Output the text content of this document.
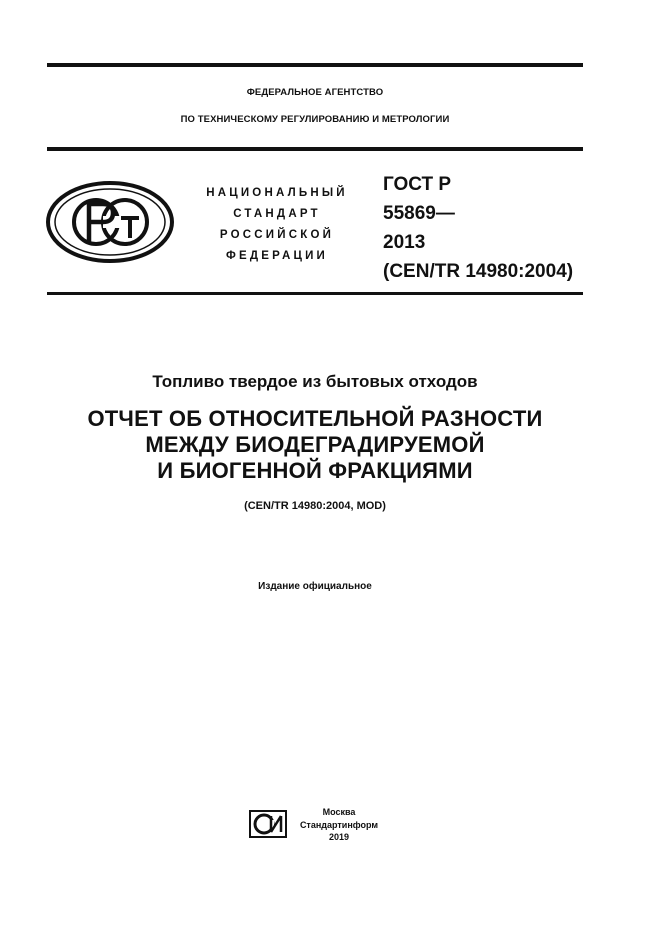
ФЕДЕРАЛЬНОЕ АГЕНТСТВО
ПО ТЕХНИЧЕСКОМУ РЕГУЛИРОВАНИЮ И МЕТРОЛОГИИ
НАЦИОНАЛЬНЫЙ
СТАНДАРТ
РОССИЙСКОЙ
ФЕДЕРАЦИИ
ГОСТ Р
55869—
2013
(CEN/TR 14980:2004)
Топливо твердое из бытовых отходов
ОТЧЕТ ОБ ОТНОСИТЕЛЬНОЙ РАЗНОСТИ
МЕЖДУ БИОДЕГРАДИРУЕМОЙ
И БИОГЕННОЙ ФРАКЦИЯМИ
(CEN/TR 14980:2004, MOD)
Издание официальное
Москва
Стандартинформ
2019
